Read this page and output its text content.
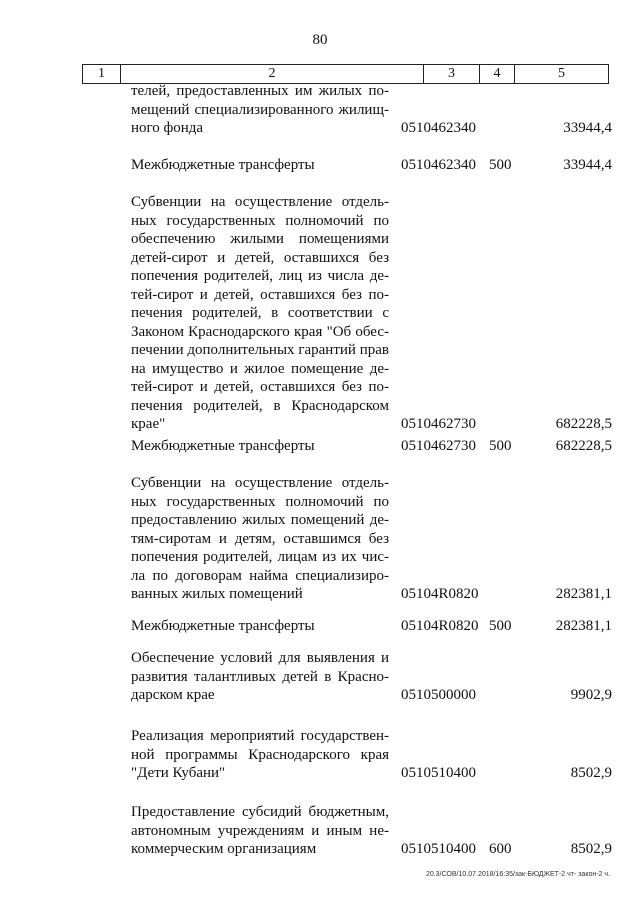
80
1	2	3	4	5
телей, предоставленных им жилых по-
мещений специализированного жилищ-
ного фонда	0510462340	33944,4
Межбюджетные трансферты	0510462340 500	33944,4
Субвенции на осуществление отдель-
ных государственных полномочий по
обеспечению жилыми помещениями
детей-сирот и детей, оставшихся без
попечения родителей, лиц из числа де-
тей-сирот и детей, оставшихся без по-
печения родителей, в соответствии с
Законом Краснодарского края "Об обес-
печении дополнительных гарантий прав
на имущество и жилое помещение де-
тей-сирот и детей, оставшихся без по-
печения родителей, в Краснодарском
крае"	0510462730	682228,5
Межбюджетные трансферты	0510462730 500	682228,5
Субвенции на осуществление отдель-
ных государственных полномочий по
предоставлению жилых помещений де-
тям-сиротам и детям, оставшимся без
попечения родителей, лицам из их чис-
ла по договорам найма специализиро-
ванных жилых помещений	05104R0820	282381,1
Межбюджетные трансферты	05104R0820 500	282381,1
Обеспечение условий для выявления и
развития талантливых детей в Красно-
дарском крае	0510500000	9902,9
Реализация мероприятий государствен-
ной программы Краснодарского края
"Дети Кубани"	0510510400	8502,9
Предоставление субсидий бюджетным,
автономным учреждениям и иным не-
коммерческим организациям	0510510400 600	8502,9
20.3/СОВ/10.07.2018/16:35/зак-БЮДЖЕТ-2 чт- закон-2 ч.
